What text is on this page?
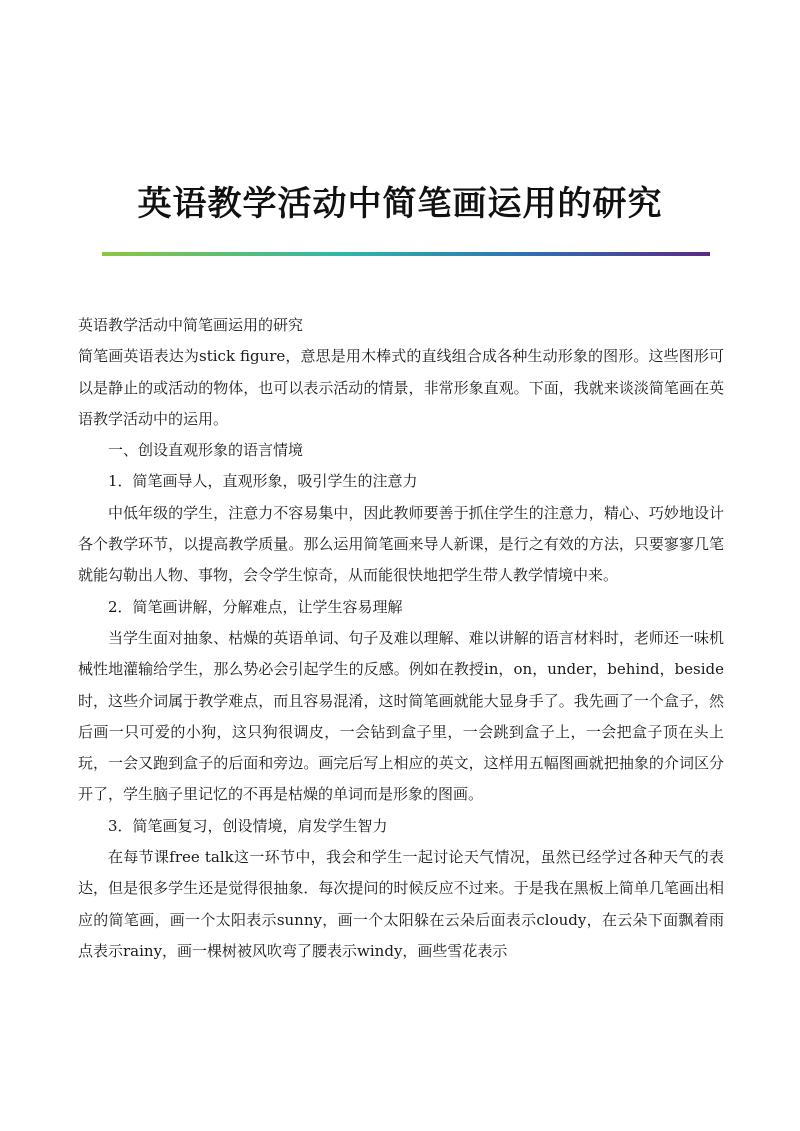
英语教学活动中简笔画运用的研究

英语教学活动中简笔画运用的研究

简笔画英语表达为stick figure，意思是用木棒式的直线组合成各种生动形象的图形。这些图形可以是静止的或活动的物体，也可以表示活动的情景，非常形象直观。下面，我就来谈淡简笔画在英语教学活动中的运用。

一、创设直观形象的语言情境

1．简笔画导人，直观形象，吸引学生的注意力

中低年级的学生，注意力不容易集中，因此教师要善于抓住学生的注意力，精心、巧妙地设计各个教学环节，以提高教学质量。那么运用简笔画来导人新课，是行之有效的方法，只要寥寥几笔就能勾勒出人物、事物，会令学生惊奇，从而能很快地把学生带人教学情境中来。

2．简笔画讲解，分解难点，让学生容易理解

当学生面对抽象、枯燥的英语单词、句子及难以理解、难以讲解的语言材料时，老师还一味机械性地灌输给学生，那么势必会引起学生的反感。例如在教授in，on，under，behind，beside时，这些介词属于教学难点，而且容易混淆，这时简笔画就能大显身手了。我先画了一个盒子，然后画一只可爱的小狗，这只狗很调皮，一会钻到盒子里，一会跳到盒子上，一会把盒子顶在头上玩，一会又跑到盒子的后面和旁边。画完后写上相应的英文，这样用五幅图画就把抽象的介词区分开了，学生脑子里记忆的不再是枯燥的单词而是形象的图画。

3．简笔画复习，创设情境，肩发学生智力

在每节课free talk这一环节中，我会和学生一起讨论天气情况，虽然已经学过各种天气的表达，但是很多学生还是觉得很抽象．每次提问的时候反应不过来。于是我在黑板上简单几笔画出相应的简笔画，画一个太阳表示sunny，画一个太阳躲在云朵后面表示cloudy，在云朵下面飘着雨点表示rainy，画一棵树被风吹弯了腰表示windy，画些雪花表示
